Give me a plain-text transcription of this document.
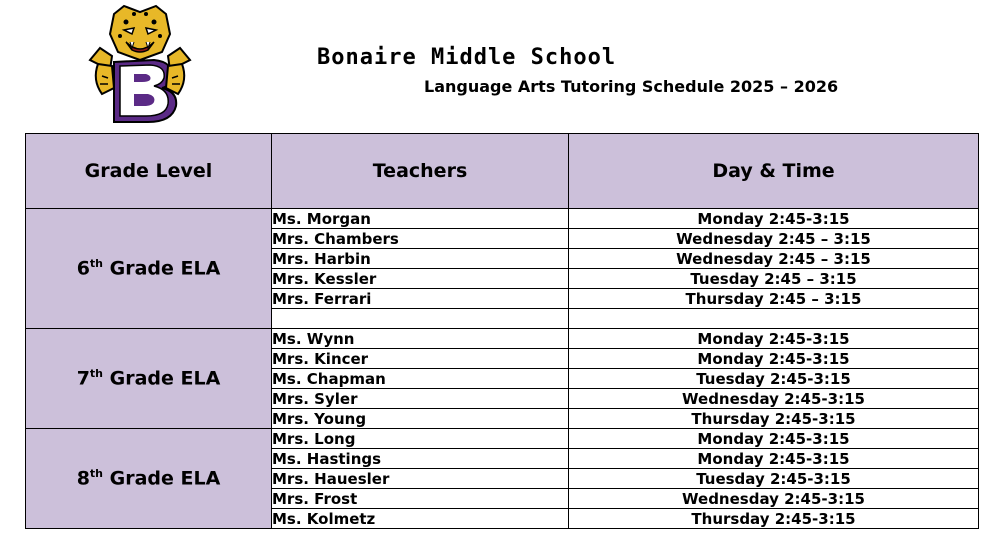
Bonaire Middle School
Language Arts Tutoring Schedule 2025 – 2026
Grade Level	Teachers	Day & Time
6th Grade ELA	Ms. Morgan	Monday 2:45-3:15
	Mrs. Chambers	Wednesday 2:45 – 3:15
	Mrs. Harbin	Wednesday 2:45 – 3:15
	Mrs. Kessler	Tuesday 2:45 – 3:15
	Mrs. Ferrari	Thursday 2:45 – 3:15

7th Grade ELA	Ms. Wynn	Monday 2:45-3:15
	Mrs. Kincer	Monday 2:45-3:15
	Ms. Chapman	Tuesday 2:45-3:15
	Mrs. Syler	Wednesday 2:45-3:15
	Mrs. Young	Thursday 2:45-3:15
8th Grade ELA	Mrs. Long	Monday 2:45-3:15
	Ms. Hastings	Monday 2:45-3:15
	Mrs. Hauesler	Tuesday 2:45-3:15
	Mrs. Frost	Wednesday 2:45-3:15
	Ms. Kolmetz	Thursday 2:45-3:15
